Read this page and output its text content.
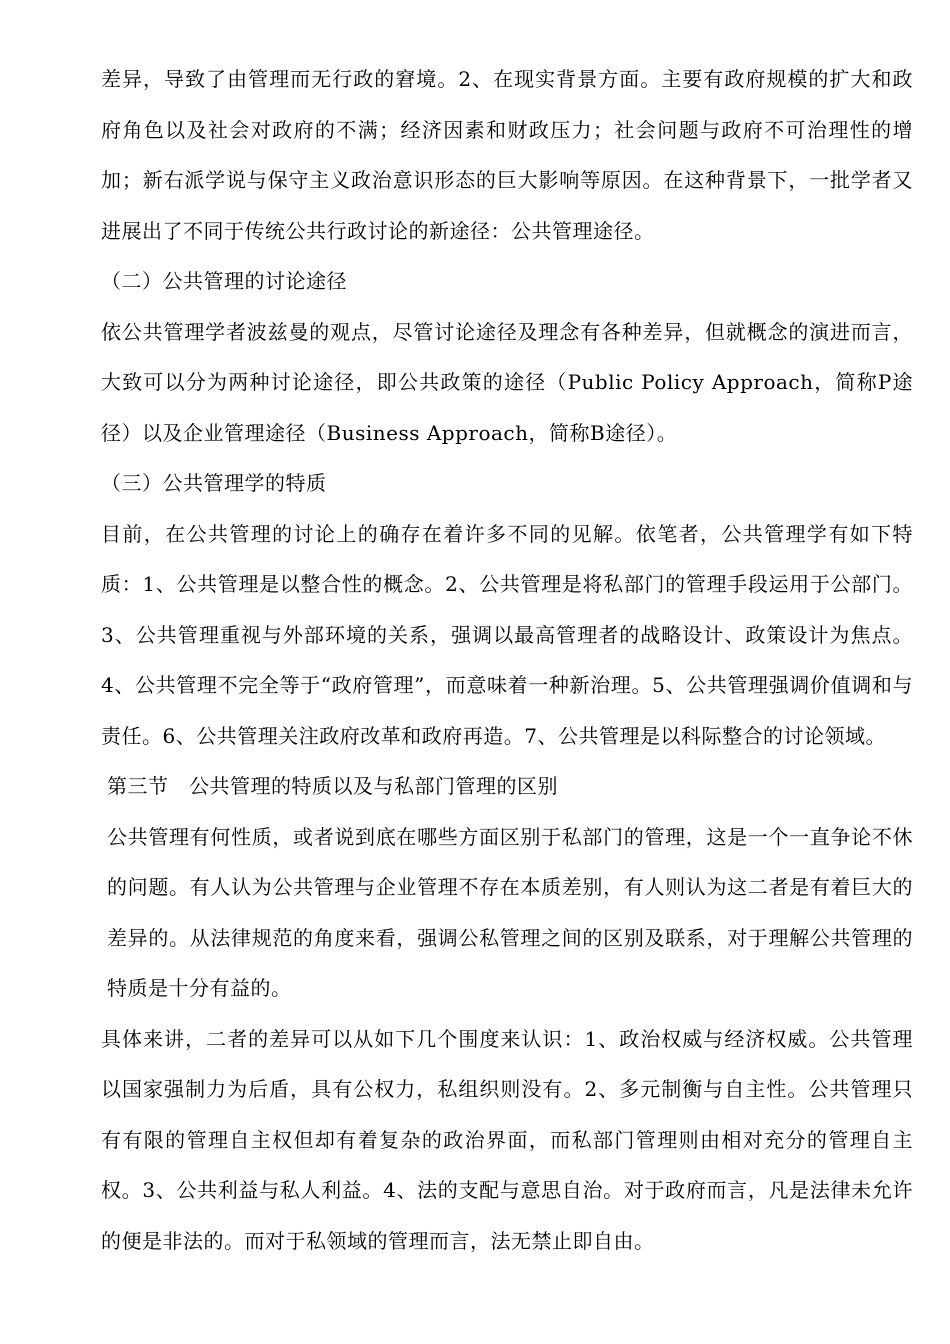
差异，导致了由管理而无行政的窘境。2、在现实背景方面。主要有政府规模的扩大和政府角色以及社会对政府的不满；经济因素和财政压力；社会问题与政府不可治理性的增加；新右派学说与保守主义政治意识形态的巨大影响等原因。在这种背景下，一批学者又进展出了不同于传统公共行政讨论的新途径：公共管理途径。

（二）公共管理的讨论途径

依公共管理学者波兹曼的观点，尽管讨论途径及理念有各种差异，但就概念的演进而言，大致可以分为两种讨论途径，即公共政策的途径（Public Policy Approach，简称P途径）以及企业管理途径（Business Approach，简称B途径）。

（三）公共管理学的特质

目前，在公共管理的讨论上的确存在着许多不同的见解。依笔者，公共管理学有如下特质：1、公共管理是以整合性的概念。2、公共管理是将私部门的管理手段运用于公部门。3、公共管理重视与外部环境的关系，强调以最高管理者的战略设计、政策设计为焦点。4、公共管理不完全等于“政府管理”，而意味着一种新治理。5、公共管理强调价值调和与责任。6、公共管理关注政府改革和政府再造。7、公共管理是以科际整合的讨论领域。

第三节　公共管理的特质以及与私部门管理的区别

公共管理有何性质，或者说到底在哪些方面区别于私部门的管理，这是一个一直争论不休的问题。有人认为公共管理与企业管理不存在本质差别，有人则认为这二者是有着巨大的差异的。从法律规范的角度来看，强调公私管理之间的区别及联系，对于理解公共管理的特质是十分有益的。

具体来讲，二者的差异可以从如下几个围度来认识：1、政治权威与经济权威。公共管理以国家强制力为后盾，具有公权力，私组织则没有。2、多元制衡与自主性。公共管理只有有限的管理自主权但却有着复杂的政治界面，而私部门管理则由相对充分的管理自主权。3、公共利益与私人利益。4、法的支配与意思自治。对于政府而言，凡是法律未允许的便是非法的。而对于私领域的管理而言，法无禁止即自由。
